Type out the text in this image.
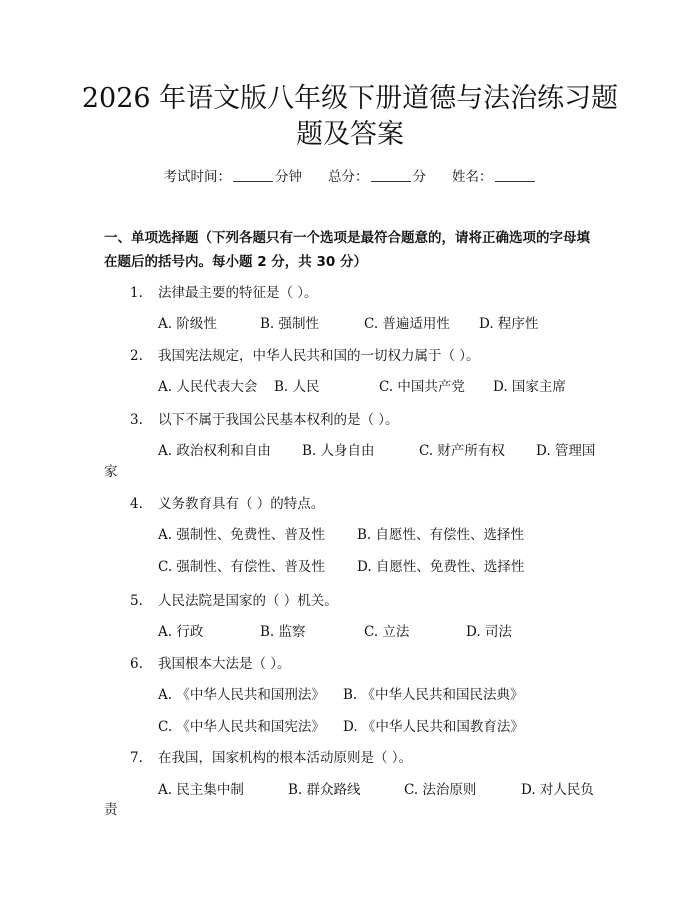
2026 年语文版八年级下册道德与法治练习题
题及答案
考试时间：	分钟 总分：	分 姓名：
一、单项选择题（下列各题只有一个选项是最符合题意的，请将正确选项的字母填在题后的括号内。每小题 2 分，共 30 分）
1. 法律最主要的特征是（ ）。
A. 阶级性	B. 强制性	C. 普遍适用性 D. 程序性
2. 我国宪法规定，中华人民共和国的一切权力属于（ ）。
A. 人民代表大会 B. 人民	C. 中国共产党 D. 国家主席
3. 以下不属于我国公民基本权利的是（ ）。
A. 政治权利和自由 B. 人身自由	C. 财产所有权 D. 管理国
家
4. 义务教育具有（ ）的特点。
A. 强制性、免费性、普及性 B. 自愿性、有偿性、选择性
C. 强制性、有偿性、普及性 D. 自愿性、免费性、选择性
5. 人民法院是国家的（ ）机关。
A. 行政	B. 监察	C. 立法	D. 司法
6. 我国根本大法是（ ）。
A. 《中华人民共和国刑法》 B. 《中华人民共和国民法典》
C. 《中华人民共和国宪法》 D. 《中华人民共和国教育法》
7. 在我国，国家机构的根本活动原则是（ ）。
A. 民主集中制	B. 群众路线	C. 法治原则	D. 对人民负
责
